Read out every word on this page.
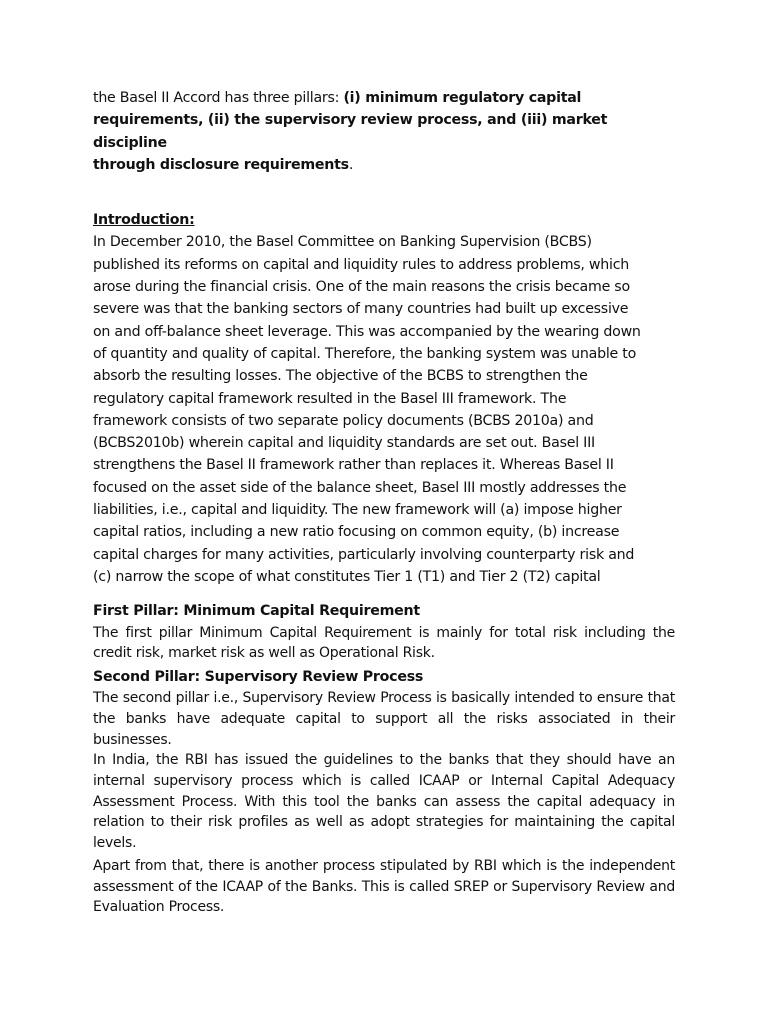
the Basel II Accord has three pillars: (i) minimum regulatory capital
requirements, (ii) the supervisory review process, and (iii) market discipline
through disclosure requirements.

Introduction:

In December 2010, the Basel Committee on Banking Supervision (BCBS)
published its reforms on capital and liquidity rules to address problems, which
arose during the financial crisis. One of the main reasons the crisis became so
severe was that the banking sectors of many countries had built up excessive
on and off-balance sheet leverage. This was accompanied by the wearing down
of quantity and quality of capital. Therefore, the banking system was unable to
absorb the resulting losses. The objective of the BCBS to strengthen the
regulatory capital framework resulted in the Basel III framework. The
framework consists of two separate policy documents (BCBS 2010a) and
(BCBS2010b) wherein capital and liquidity standards are set out. Basel III
strengthens the Basel II framework rather than replaces it. Whereas Basel II
focused on the asset side of the balance sheet, Basel III mostly addresses the
liabilities, i.e., capital and liquidity. The new framework will (a) impose higher
capital ratios, including a new ratio focusing on common equity, (b) increase
capital charges for many activities, particularly involving counterparty risk and
(c) narrow the scope of what constitutes Tier 1 (T1) and Tier 2 (T2) capital

First Pillar: Minimum Capital Requirement

The first pillar Minimum Capital Requirement is mainly for total risk including the credit risk, market risk as well as Operational Risk.

Second Pillar: Supervisory Review Process

The second pillar i.e., Supervisory Review Process is basically intended to ensure that the banks have adequate capital to support all the risks associated in their businesses.

In India, the RBI has issued the guidelines to the banks that they should have an internal supervisory process which is called ICAAP or Internal Capital Adequacy Assessment Process. With this tool the banks can assess the capital adequacy in relation to their risk profiles as well as adopt strategies for maintaining the capital levels.

Apart from that, there is another process stipulated by RBI which is the independent assessment of the ICAAP of the Banks. This is called SREP or Supervisory Review and Evaluation Process.
